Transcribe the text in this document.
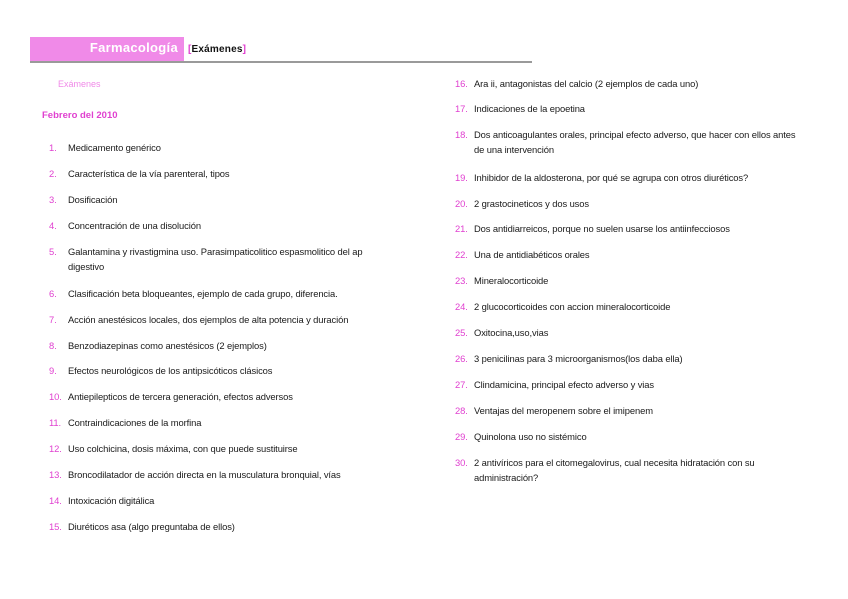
Farmacología [Exámenes]
Exámenes
Febrero del 2010
1.	Medicamento genérico
2.	Característica de la vía parenteral, tipos
3.	Dosificación
4.	Concentración de una disolución
5.	Galantamina y rivastigmina uso. Parasimpaticolitico espasmolitico del ap digestivo
6.	Clasificación beta bloqueantes, ejemplo de cada grupo, diferencia.
7.	Acción anestésicos locales, dos ejemplos de alta potencia y duración
8.	Benzodiazepinas como anestésicos (2 ejemplos)
9.	Efectos neurológicos de los antipsicóticos clásicos
10. Antiepilepticos de tercera generación, efectos adversos
11. Contraindicaciones de la morfina
12. Uso colchicina, dosis máxima, con que puede sustituirse
13. Broncodilatador de acción directa en la musculatura bronquial, vías
14. Intoxicación digitálica
15. Diuréticos asa (algo preguntaba de ellos)
16. Ara ii, antagonistas del calcio (2 ejemplos de cada uno)
17. Indicaciones de la epoetina
18. Dos anticoagulantes orales, principal efecto adverso, que hacer con ellos antes de una intervención
19. Inhibidor de la aldosterona, por qué se agrupa con otros diuréticos?
20. 2 grastocineticos y dos usos
21. Dos antidiarreicos, porque no suelen usarse los antiinfecciosos
22. Una de antidiabéticos orales
23. Mineralocorticoide
24. 2 glucocorticoides con accion mineralocorticoide
25. Oxitocina,uso,vias
26. 3 penicilinas para 3 microorganismos(los daba ella)
27. Clindamicina, principal efecto adverso y vias
28. Ventajas del meropenem sobre el imipenem
29. Quinolona uso no sistémico
30. 2 antivíricos para el citomegalovirus, cual necesita hidratación con su administración?
